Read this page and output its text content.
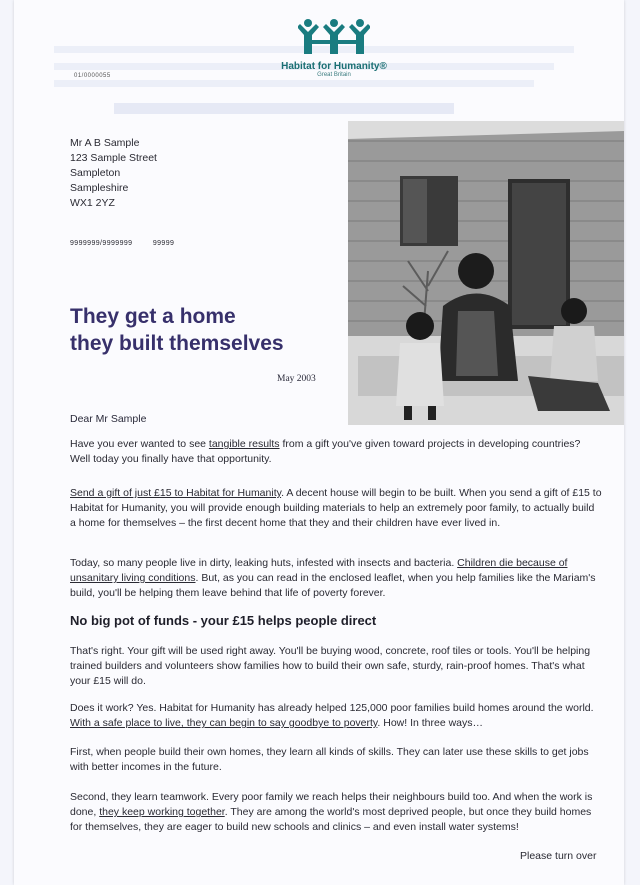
Habitat for Humanity®
Great Britain
01/0000055
Mr A B Sample
123 Sample Street
Sampleton
Sampleshire
WX1 2YZ
9999999/9999999	99999
They get a home
they built themselves
May 2003
Dear Mr Sample

Have you ever wanted to see tangible results from a gift you've given toward projects in developing countries? Well today you finally have that opportunity.

Send a gift of just £15 to Habitat for Humanity. A decent house will begin to be built. When you send a gift of £15 to Habitat for Humanity, you will provide enough building materials to help an extremely poor family, to actually build a home for themselves – the first decent home that they and their children have ever lived in.

Today, so many people live in dirty, leaking huts, infested with insects and bacteria. Children die because of unsanitary living conditions. But, as you can read in the enclosed leaflet, when you help families like the Mariam's build, you'll be helping them leave behind that life of poverty forever.

No big pot of funds - your £15 helps people direct

That's right. Your gift will be used right away. You'll be buying wood, concrete, roof tiles or tools. You'll be helping trained builders and volunteers show families how to build their own safe, sturdy, rain-proof homes. That's what your £15 will do.

Does it work? Yes. Habitat for Humanity has already helped 125,000 poor families build homes around the world. With a safe place to live, they can begin to say goodbye to poverty. How! In three ways…

First, when people build their own homes, they learn all kinds of skills. They can later use these skills to get jobs with better incomes in the future.

Second, they learn teamwork. Every poor family we reach helps their neighbours build too. And when the work is done, they keep working together. They are among the world's most deprived people, but once they build homes for themselves, they are eager to build new schools and clinics – and even install water systems!

Please turn over
